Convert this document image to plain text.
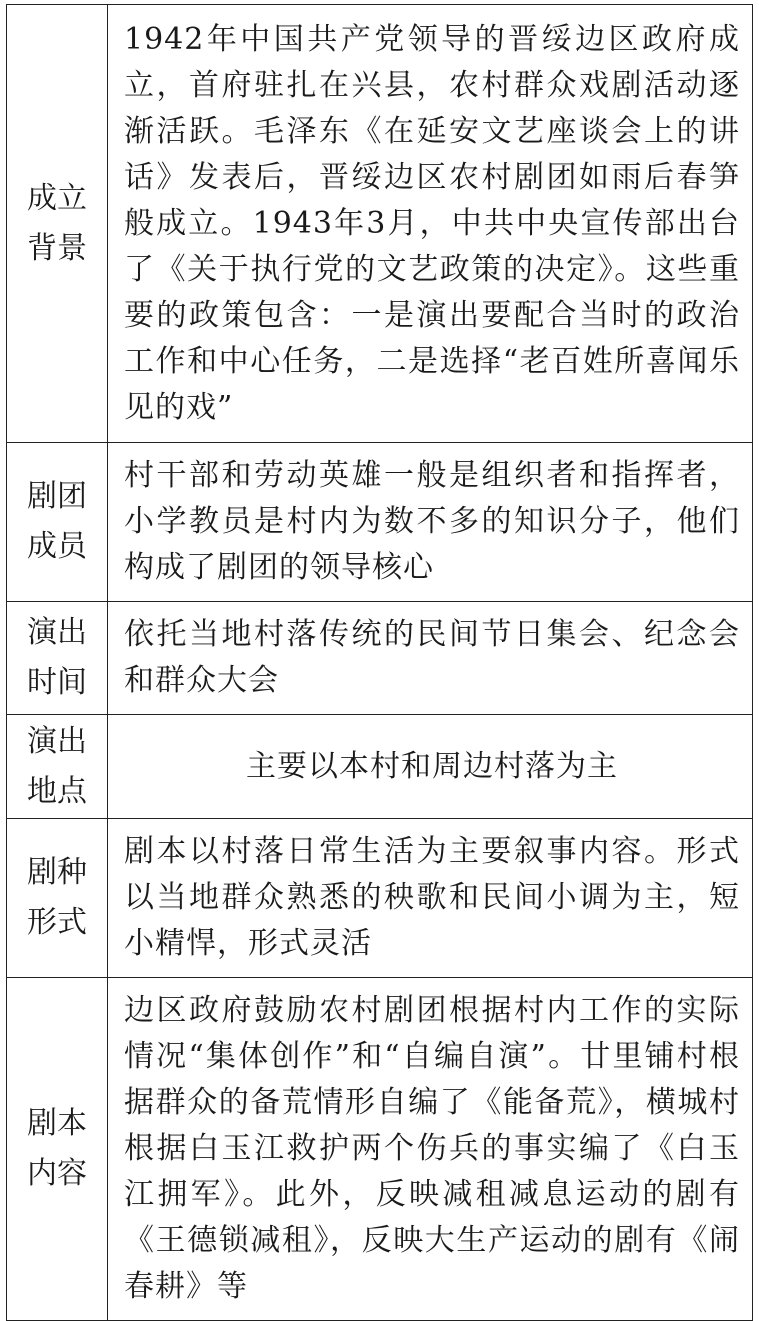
成立
背景	1942年中国共产党领导的晋绥边区政府成立，首府驻扎在兴县，农村群众戏剧活动逐渐活跃。毛泽东《在延安文艺座谈会上的讲话》发表后，晋绥边区农村剧团如雨后春笋般成立。1943年3月，中共中央宣传部出台了《关于执行党的文艺政策的决定》。这些重要的政策包含：一是演出要配合当时的政治工作和中心任务，二是选择“老百姓所喜闻乐见的戏”

剧团
成员	村干部和劳动英雄一般是组织者和指挥者，小学教员是村内为数不多的知识分子，他们构成了剧团的领导核心

演出
时间	依托当地村落传统的民间节日集会、纪念会和群众大会

演出
地点	主要以本村和周边村落为主

剧种
形式	剧本以村落日常生活为主要叙事内容。形式以当地群众熟悉的秧歌和民间小调为主，短小精悍，形式灵活

剧本
内容	边区政府鼓励农村剧团根据村内工作的实际情况“集体创作”和“自编自演”。廿里铺村根据群众的备荒情形自编了《能备荒》，横城村根据白玉江救护两个伤兵的事实编了《白玉江拥军》。此外，反映减租减息运动的剧有《王德锁减租》，反映大生产运动的剧有《闹春耕》等
